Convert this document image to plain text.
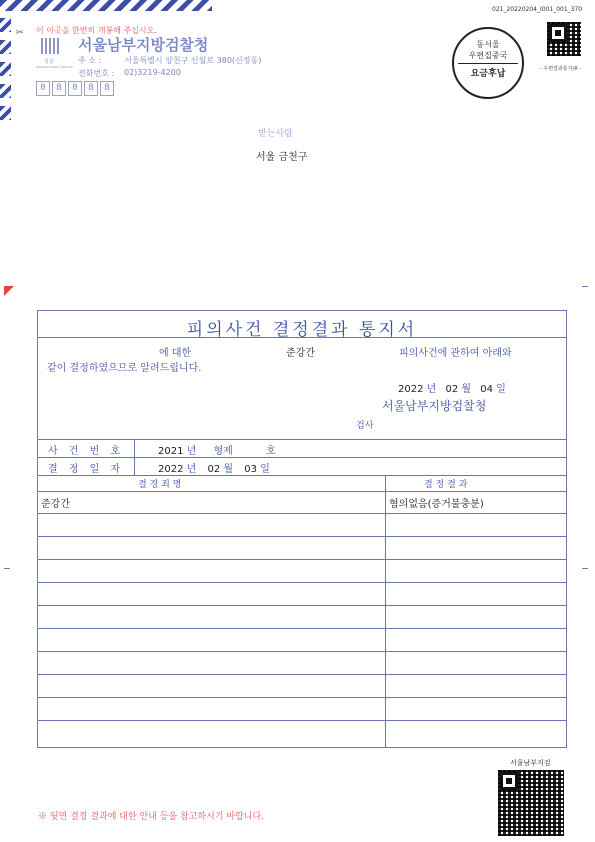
이 이곳을 한번히 개봉해 주십시오.
✂
021_20220204_I001_001_370
검찰
PROSECUTORS' SERVICE
서울남부지방검찰청
주 소 :	서울특별시 양천구 신월로 380(신정동)
전화번호 : 02)3219-4200
0	8	0	8	8
동서울
우편집중국
요금후납	- 우편결과통지(R -
받는사람
서울 금천구
피의사건 결정결과 통지서
에 대한	준강간	피의사건에 관하여 아래와
같이 결정하였으므로 알려드립니다.
2022 년 02 월 04 일
서울남부지방검찰청
검사
사 건 번 호	2021 년 형제	호
결 정 일 자	2022 년 02 월 03 일
결 경 죄 명	결 정 결 과
준강간	혐의없음(증거불충분)
※ 뒷면 결정 결과에 대한 안내 등을 참고하시기 바랍니다.
서울남부지검
